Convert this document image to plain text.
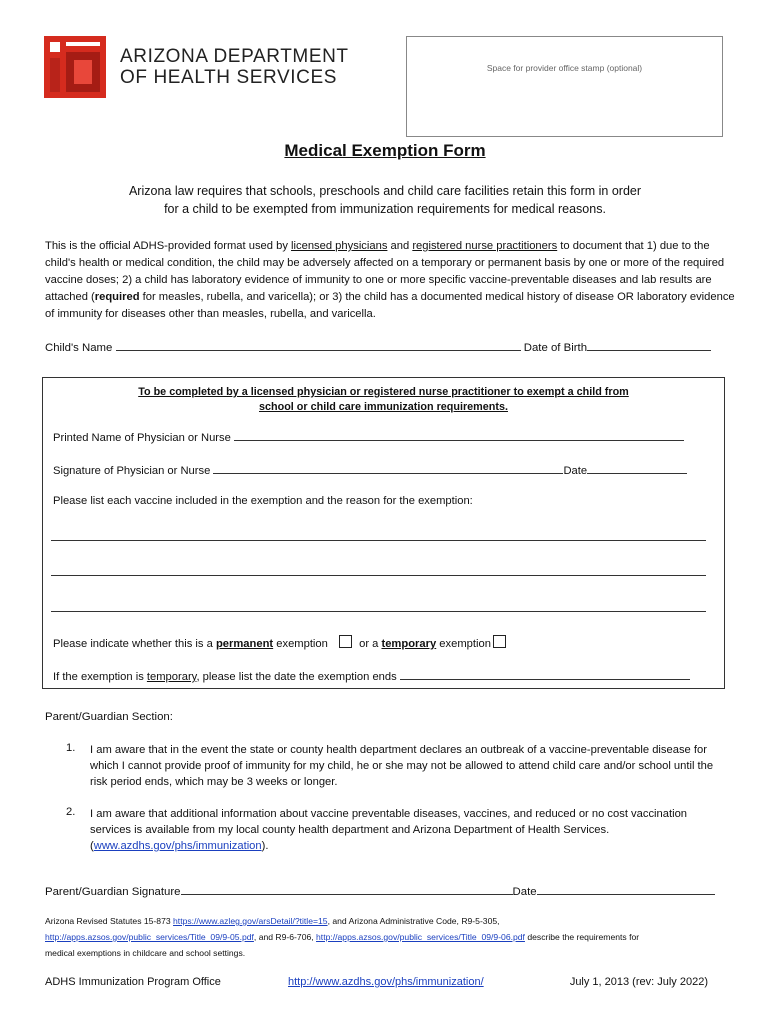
ARIZONA DEPARTMENT
OF HEALTH SERVICES	Space for provider office stamp (optional)
Medical Exemption Form
Arizona law requires that schools, preschools and child care facilities retain this form in order
for a child to be exempted from immunization requirements for medical reasons.
This is the official ADHS-provided format used by licensed physicians and registered nurse practitioners to document that 1) due to the child's health or medical condition, the child may be adversely affected on a temporary or permanent basis by one or more of the required vaccine doses; 2) a child has laboratory evidence of immunity to one or more specific vaccine-preventable diseases and lab results are attached (required for measles, rubella, and varicella); or 3) the child has a documented medical history of disease OR laboratory evidence of immunity for diseases other than measles, rubella, and varicella.
Child's Name	Date of Birth
To be completed by a licensed physician or registered nurse practitioner to exempt a child from
school or child care immunization requirements.
Printed Name of Physician or Nurse
Signature of Physician or Nurse	Date
Please list each vaccine included in the exemption and the reason for the exemption:
Please indicate whether this is a permanent exemption	or a temporary exemption
If the exemption is temporary, please list the date the exemption ends
Parent/Guardian Section:
1. I am aware that in the event the state or county health department declares an outbreak of a vaccine-preventable disease for which I cannot provide proof of immunity for my child, he or she may not be allowed to attend child care and/or school until the risk period ends, which may be 3 weeks or longer.
2. I am aware that additional information about vaccine preventable diseases, vaccines, and reduced or no cost vaccination services is available from my local county health department and Arizona Department of Health Services.
(www.azdhs.gov/phs/immunization).
Parent/Guardian Signature	Date
Arizona Revised Statutes 15-873 https://www.azleg.gov/arsDetail/?title=15, and Arizona Administrative Code, R9-5-305,
http://apps.azsos.gov/public_services/Title_09/9-05.pdf, and R9-6-706, http://apps.azsos.gov/public_services/Title_09/9-06.pdf describe the requirements for
medical exemptions in childcare and school settings.
ADHS Immunization Program Office	http://www.azdhs.gov/phs/immunization/	July 1, 2013 (rev: July 2022)
